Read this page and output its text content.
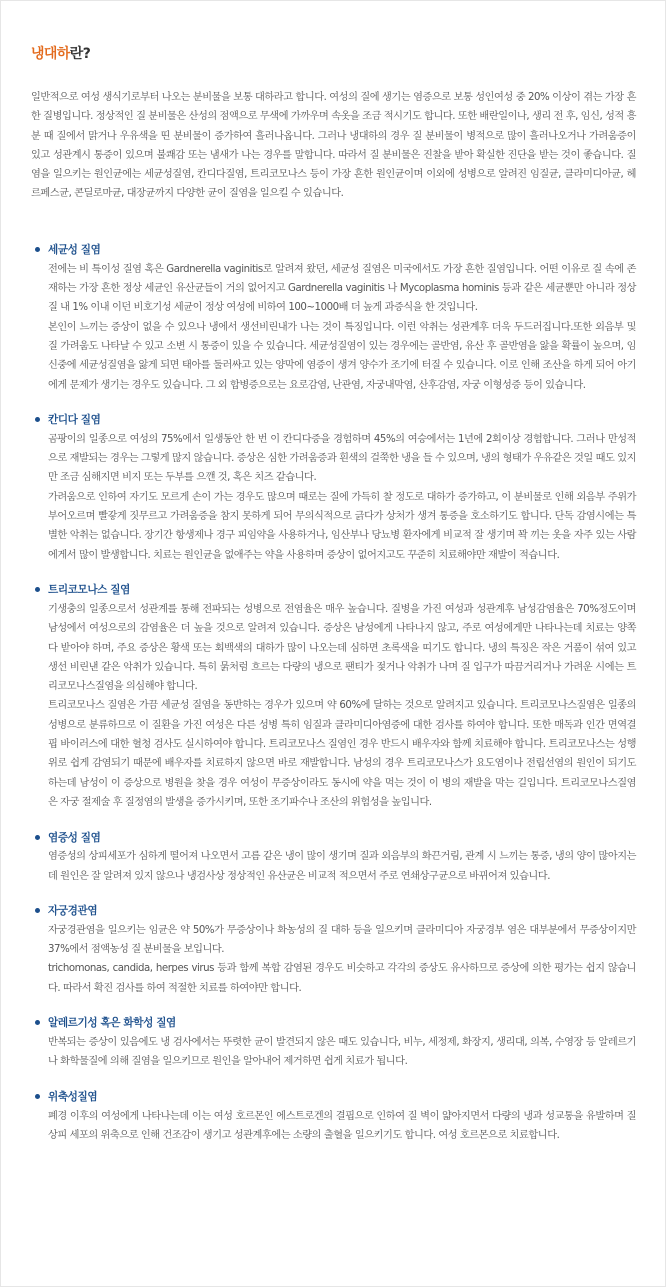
냉대하란?

일반적으로 여성 생식기로부터 나오는 분비물을 보통 대하라고 합니다. 여성의 질에 생기는 염증으로 보통 성인여성 중 20% 이상이 겪는 가장 흔한 질병입니다. 정상적인 질 분비물은 산성의 점액으로 무색에 가까우며 속옷을 조금 적시기도 합니다. 또한 배란일이나, 생리 전 후, 임신, 성적 흥분 때 질에서 맑거나 우유색을 띤 분비물이 증가하여 흘러나옵니다. 그러나 냉대하의 경우 질 분비물이 병적으로 많이 흘러나오거나 가려움증이 있고 성관계시 통증이 있으며 불쾌감 또는 냄새가 나는 경우를 말합니다. 따라서 질 분비물은 진찰을 받아 확실한 진단을 받는 것이 좋습니다. 질염을 일으키는 원인균에는 세균성질염, 칸디다질염, 트리코모나스 등이 가장 흔한 원인균이며 이외에 성병으로 알려진 임질균, 클라미디아균, 헤르페스균, 콘딜로마균, 대장균까지 다양한 균이 질염을 일으킬 수 있습니다.

세균성 질염

전에는 비 특이성 질염 혹은 Gardnerella vaginitis로 알려져 왔던, 세균성 질염은 미국에서도 가장 흔한 질염입니다. 어떤 이유로 질 속에 존재하는 가장 흔한 정상 세균인 유산균들이 거의 없어지고 Gardnerella vaginitis 나 Mycoplasma hominis 등과 같은 세균뿐만 아니라 정상 질 내 1% 이내 이던 비호기성 세균이 정상 여성에 비하여 100~1000배 더 높게 과증식을 한 것입니다.

본인이 느끼는 증상이 없을 수 있으나 냉에서 생선비린내가 나는 것이 특징입니다. 이런 악취는 성관계후 더욱 두드러집니다.또한 외음부 및 질 가려움도 나타날 수 있고 소변 시 통증이 있을 수 있습니다. 세균성질염이 있는 경우에는 골반염, 유산 후 골반염을 앓을 확률이 높으며, 임신중에 세균성질염을 앓게 되면 태아를 둘러싸고 있는 양막에 염증이 생겨 양수가 조기에 터질 수 있습니다. 이로 인해 조산을 하게 되어 아기에게 문제가 생기는 경우도 있습니다. 그 외 합병증으로는 요로감염, 난관염, 자궁내막염, 산후감염, 자궁 이형성증 등이 있습니다.

칸디다 질염

곰팡이의 일종으로 여성의 75%에서 일생동안 한 번 이 칸디다증을 경험하며 45%의 여승에서는 1년에 2회이상 경험합니다. 그러나 만성적으로 재발되는 경우는 그렇게 많지 않습니다. 증상은 심한 가려움증과 흰색의 걸쭉한 냉을 들 수 있으며, 냉의 형태가 우유같은 것일 때도 있지만 조금 심해지면 비지 또는 두부를 으깬 것, 혹은 치즈 같습니다.

가려움으로 인하여 자기도 모르게 손이 가는 경우도 많으며 때로는 질에 가득히 찰 정도로 대하가 증가하고, 이 분비물로 인해 외음부 주위가 부어오르며 빨갛게 짓무르고 가려움증을 참지 못하게 되어 무의식적으로 긁다가 상처가 생겨 통증을 호소하기도 합니다. 단독 감염시에는 특별한 악취는 없습니다. 장기간 항생제나 경구 피임약을 사용하거나, 임산부나 당뇨병 환자에게 비교적 잘 생기며 꽉 끼는 옷을 자주 있는 사람에게서 많이 발생합니다. 치료는 원인균을 없애주는 약을 사용하며 증상이 없어지고도 꾸준히 치료해야만 재발이 적습니다.

트리코모나스 질염

기생충의 일종으로서 성관계를 통해 전파되는 성병으로 전염율은 매우 높습니다. 질병을 가진 여성과 성관계후 남성감염율은 70%정도이며 남성에서 여성으로의 감염율은 더 높을 것으로 알려져 있습니다. 증상은 남성에게 나타나지 않고, 주로 여성에게만 나타나는데 치료는 양쪽 다 받아야 하며, 주요 증상은 황색 또는 회백색의 대하가 많이 나오는데 심하면 초록색을 띠기도 합니다. 냉의 특징은 작은 거품이 섞여 있고 생선 비린낸 같은 악취가 있습니다. 특히 묽처럼 흐르는 다량의 냉으로 팬티가 젖거나 악취가 나며 질 입구가 따끔거리거나 가려운 시에는 트리코모나스질염을 의심해야 합니다.

트리코모나스 질염은 가끔 세균성 질염을 동반하는 경우가 있으며 약 60%에 달하는 것으로 알려지고 있습니다. 트리코모나스질염은 일종의 성병으로 분류하므로 이 질환을 가진 여성은 다른 성병 특히 임질과 클라미디아염증에 대한 검사를 하여야 합니다. 또한 매독과 인간 면역결핍 바이러스에 대한 혈청 검사도 실시하여야 합니다. 트리코모나스 질염인 경우 반드시 배우자와 함께 치료해야 합니다. 트리코모나스는 성행위로 쉽게 감염되기 때문에 배우자를 치료하지 않으면 바로 재발합니다. 남성의 경우 트리코모나스가 요도염이나 전립선염의 원인이 되기도 하는데 남성이 이 증상으로 병원을 찾을 경우 여성이 무증상이라도 동시에 약을 먹는 것이 이 병의 재발을 막는 길입니다. 트리코모나스질염은 자궁 절제술 후 질정염의 발생을 증가시키며, 또한 조기파수나 조산의 위험성을 높입니다.

염증성 질염

염증성의 상피세포가 심하게 떨어져 나오면서 고름 같은 냉이 많이 생기며 질과 외음부의 화끈거림, 관계 시 느끼는 통증, 냉의 양이 많아지는데 원인은 잘 알려져 있지 않으나 냉검사상 정상적인 유산균은 비교적 적으면서 주로 연쇄상구균으로 바뀌어져 있습니다.

자궁경관염

자궁경관염을 일으키는 임균은 약 50%가 무증상이나 화농성의 질 대하 등을 일으키며 클라미디아 자궁경부 염은 대부분에서 무증상이지만 37%에서 점액농성 질 분비물을 보입니다.

trichomonas, candida, herpes virus 등과 함께 복합 감염된 경우도 비슷하고 각각의 증상도 유사하므로 증상에 의한 평가는 쉽지 않습니다. 따라서 확진 검사를 하여 적절한 치료를 하여야만 합니다.

알레르기성 혹은 화학성 질염

반복되는 증상이 있음에도 냉 검사에서는 뚜렷한 균이 발견되지 않은 때도 있습니다, 비누, 세정제, 화장지, 생리대, 의복, 수영장 등 알레르기나 화학물질에 의해 질염을 일으키므로 원인을 알아내어 제거하면 쉽게 치료가 됩니다.

위축성질염

폐경 이후의 여성에게 나타나는데 이는 여성 호르몬인 에스트로겐의 결핍으로 인하여 질 벽이 얇아지면서 다량의 냉과 성교통을 유발하며 질상피 세포의 위축으로 인해 건조감이 생기고 성관계후에는 소량의 출혈을 일으키기도 합니다. 여성 호르몬으로 치료합니다.
